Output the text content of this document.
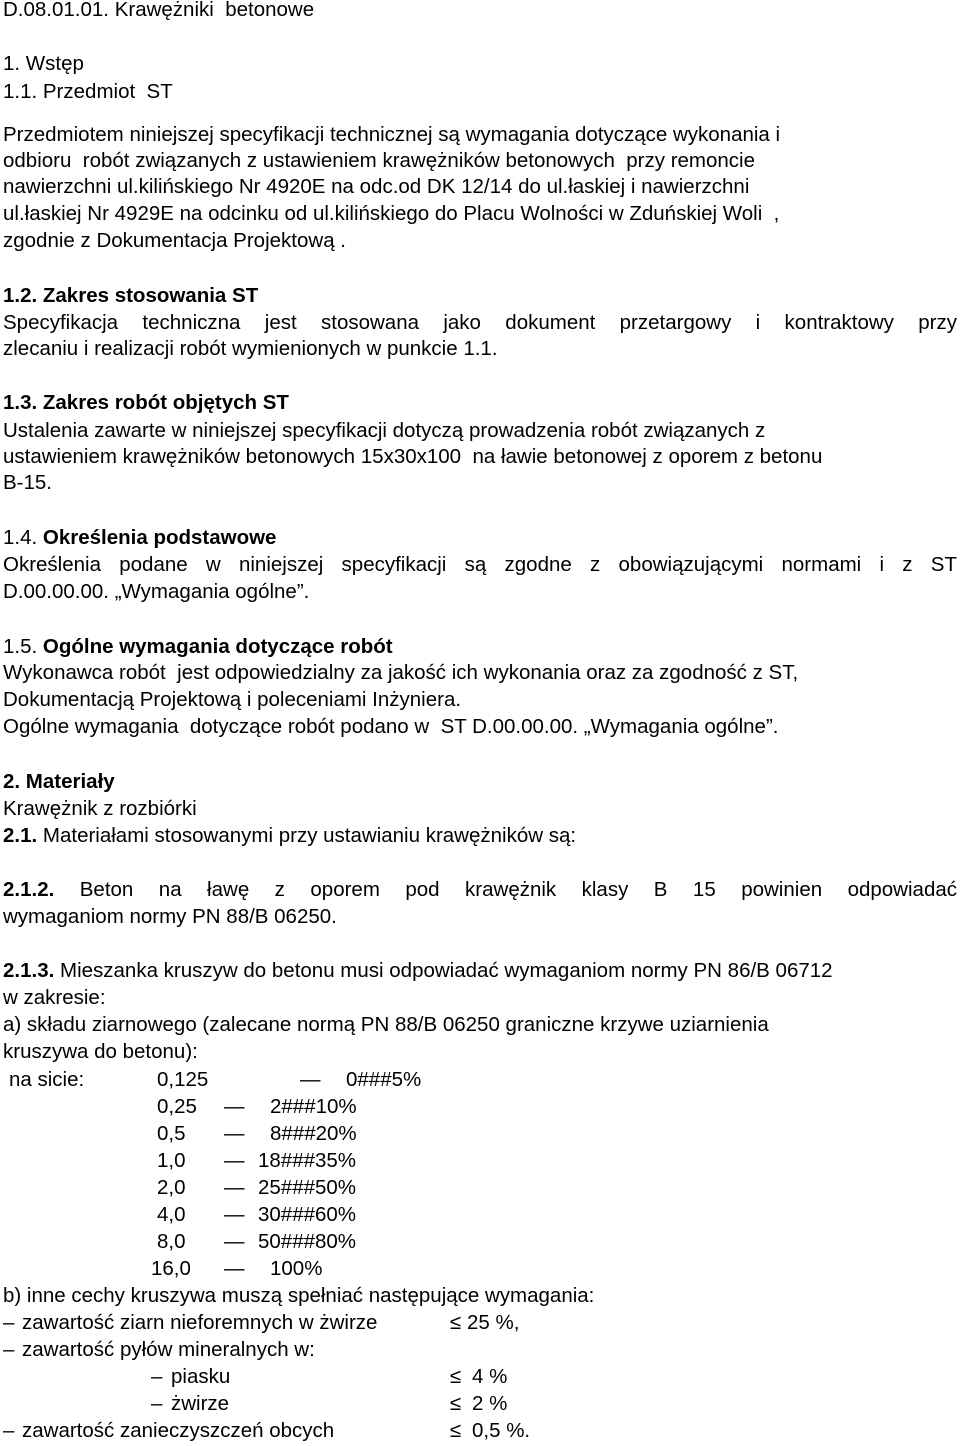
D.08.01.01. Krawężniki  betonowe
1. Wstęp
1.1. Przedmiot  ST
Przedmiotem niniejszej specyfikacji technicznej są wymagania dotyczące wykonania i
odbioru  robót związanych z ustawieniem krawężników betonowych  przy remoncie
nawierzchni ul.kilińskiego Nr 4920E na odc.od DK 12/14 do ul.łaskiej i nawierzchni
ul.łaskiej Nr 4929E na odcinku od ul.kilińskiego do Placu Wolności w Zduńskiej Woli  ,
zgodnie z Dokumentacja Projektową .
1.2. Zakres stosowania ST
Specyfikacja techniczna jest stosowana jako dokument przetargowy i kontraktowy przy
zlecaniu i realizacji robót wymienionych w punkcie 1.1.
1.3. Zakres robót objętych ST
Ustalenia zawarte w niniejszej specyfikacji dotyczą prowadzenia robót związanych z
ustawieniem krawężników betonowych 15x30x100  na ławie betonowej z oporem z betonu
B-15.
1.4. Określenia podstawowe
Określenia podane w niniejszej specyfikacji są zgodne z obowiązującymi normami i z ST
D.00.00.00. „Wymagania ogólne”.
1.5. Ogólne wymagania dotyczące robót
Wykonawca robót  jest odpowiedzialny za jakość ich wykonania oraz za zgodność z ST,
Dokumentacją Projektową i poleceniami Inżyniera.
Ogólne wymagania  dotyczące robót podano w  ST D.00.00.00. „Wymagania ogólne”.
2. Materiały
Krawężnik z rozbiórki
2.1. Materiałami stosowanymi przy ustawianiu krawężników są:
2.1.2. Beton na ławę z oporem pod krawężnik klasy B 15 powinien odpowiadać
wymaganiom normy PN 88/B 06250.
2.1.3. Mieszanka kruszyw do betonu musi odpowiadać wymaganiom normy PN 86/B 06712
w zakresie:
a) składu ziarnowego (zalecane normą PN 88/B 06250 graniczne krzywe uziarnienia
kruszywa do betonu):
na sicie:	0,125	— 0###5%
0,25 — 2###10%
0,5 — 8###20%
1,0 — 18###35%
2,0 — 25###50%
4,0 — 30###60%
8,0 — 50###80%
16,0 — 100%
b) inne cechy kruszywa muszą spełniać następujące wymagania:
– zawartość ziarn nieforemnych w żwirze	≤ 25 %,
– zawartość pyłów mineralnych w:
– piasku	≤ 4 %
– żwirze	≤ 2 %
– zawartość zanieczyszczeń obcych	≤ 0,5 %.
